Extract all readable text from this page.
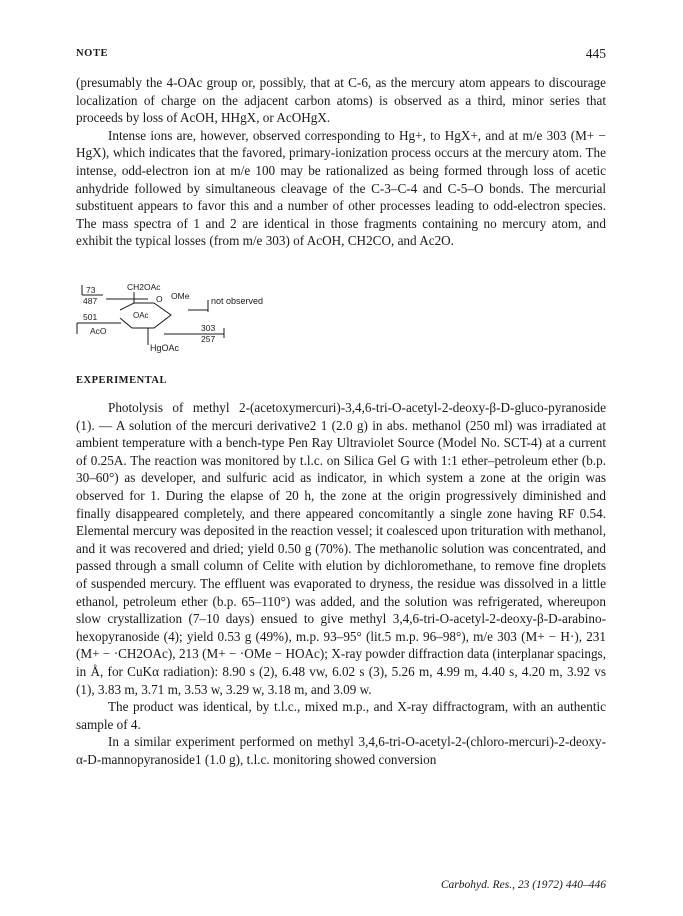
NOTE	445

(presumably the 4-OAc group or, possibly, that at C-6, as the mercury atom appears to discourage localization of charge on the adjacent carbon atoms) is observed as a third, minor series that proceeds by loss of AcOH, HHgX, or AcOHgX.

Intense ions are, however, observed corresponding to Hg+, to HgX+, and at m/e 303 (M+ − HgX), which indicates that the favored, primary-ionization process occurs at the mercury atom. The intense, odd-electron ion at m/e 100 may be rationalized as being formed through loss of acetic anhydride followed by simultaneous cleavage of the C-3–C-4 and C-5–O bonds. The mercurial substituent appears to favor this and a number of other processes leading to odd-electron species. The mass spectra of 1 and 2 are identical in those fragments containing no mercury atom, and exhibit the typical losses (from m/e 303) of AcOH, CH2CO, and Ac2O.

73
487
CH2OAc
O OMe not observed
OAc
501
AcO	303
257
HgOAc
EXPERIMENTAL

Photolysis of methyl 2-(acetoxymercuri)-3,4,6-tri-O-acetyl-2-deoxy-β-D-gluco-pyranoside (1). — A solution of the mercuri derivative2 1 (2.0 g) in abs. methanol (250 ml) was irradiated at ambient temperature with a bench-type Pen Ray Ultraviolet Source (Model No. SCT-4) at a current of 0.25A. The reaction was monitored by t.l.c. on Silica Gel G with 1:1 ether–petroleum ether (b.p. 30–60°) as developer, and sulfuric acid as indicator, in which system a zone at the origin was observed for 1. During the elapse of 20 h, the zone at the origin progressively diminished and finally disappeared completely, and there appeared concomitantly a single zone having RF 0.54. Elemental mercury was deposited in the reaction vessel; it coalesced upon trituration with methanol, and it was recovered and dried; yield 0.50 g (70%). The methanolic solution was concentrated, and passed through a small column of Celite with elution by dichloromethane, to remove fine droplets of suspended mercury. The effluent was evaporated to dryness, the residue was dissolved in a little ethanol, petroleum ether (b.p. 65–110°) was added, and the solution was refrigerated, whereupon slow crystallization (7–10 days) ensued to give methyl 3,4,6-tri-O-acetyl-2-deoxy-β-D-arabino-hexopyranoside (4); yield 0.53 g (49%), m.p. 93–95° (lit.5 m.p. 96–98°), m/e 303 (M+ − H·), 231 (M+ − ·CH2OAc), 213 (M+ − ·OMe − HOAc); X-ray powder diffraction data (interplanar spacings, in Å, for CuKα radiation): 8.90 s (2), 6.48 vw, 6.02 s (3), 5.26 m, 4.99 m, 4.40 s, 4.20 m, 3.92 vs (1), 3.83 m, 3.71 m, 3.53 w, 3.29 w, 3.18 m, and 3.09 w.

The product was identical, by t.l.c., mixed m.p., and X-ray diffractogram, with an authentic sample of 4.

In a similar experiment performed on methyl 3,4,6-tri-O-acetyl-2-(chloro-mercuri)-2-deoxy-α-D-mannopyranoside1 (1.0 g), t.l.c. monitoring showed conversion

Carbohyd. Res., 23 (1972) 440–446
